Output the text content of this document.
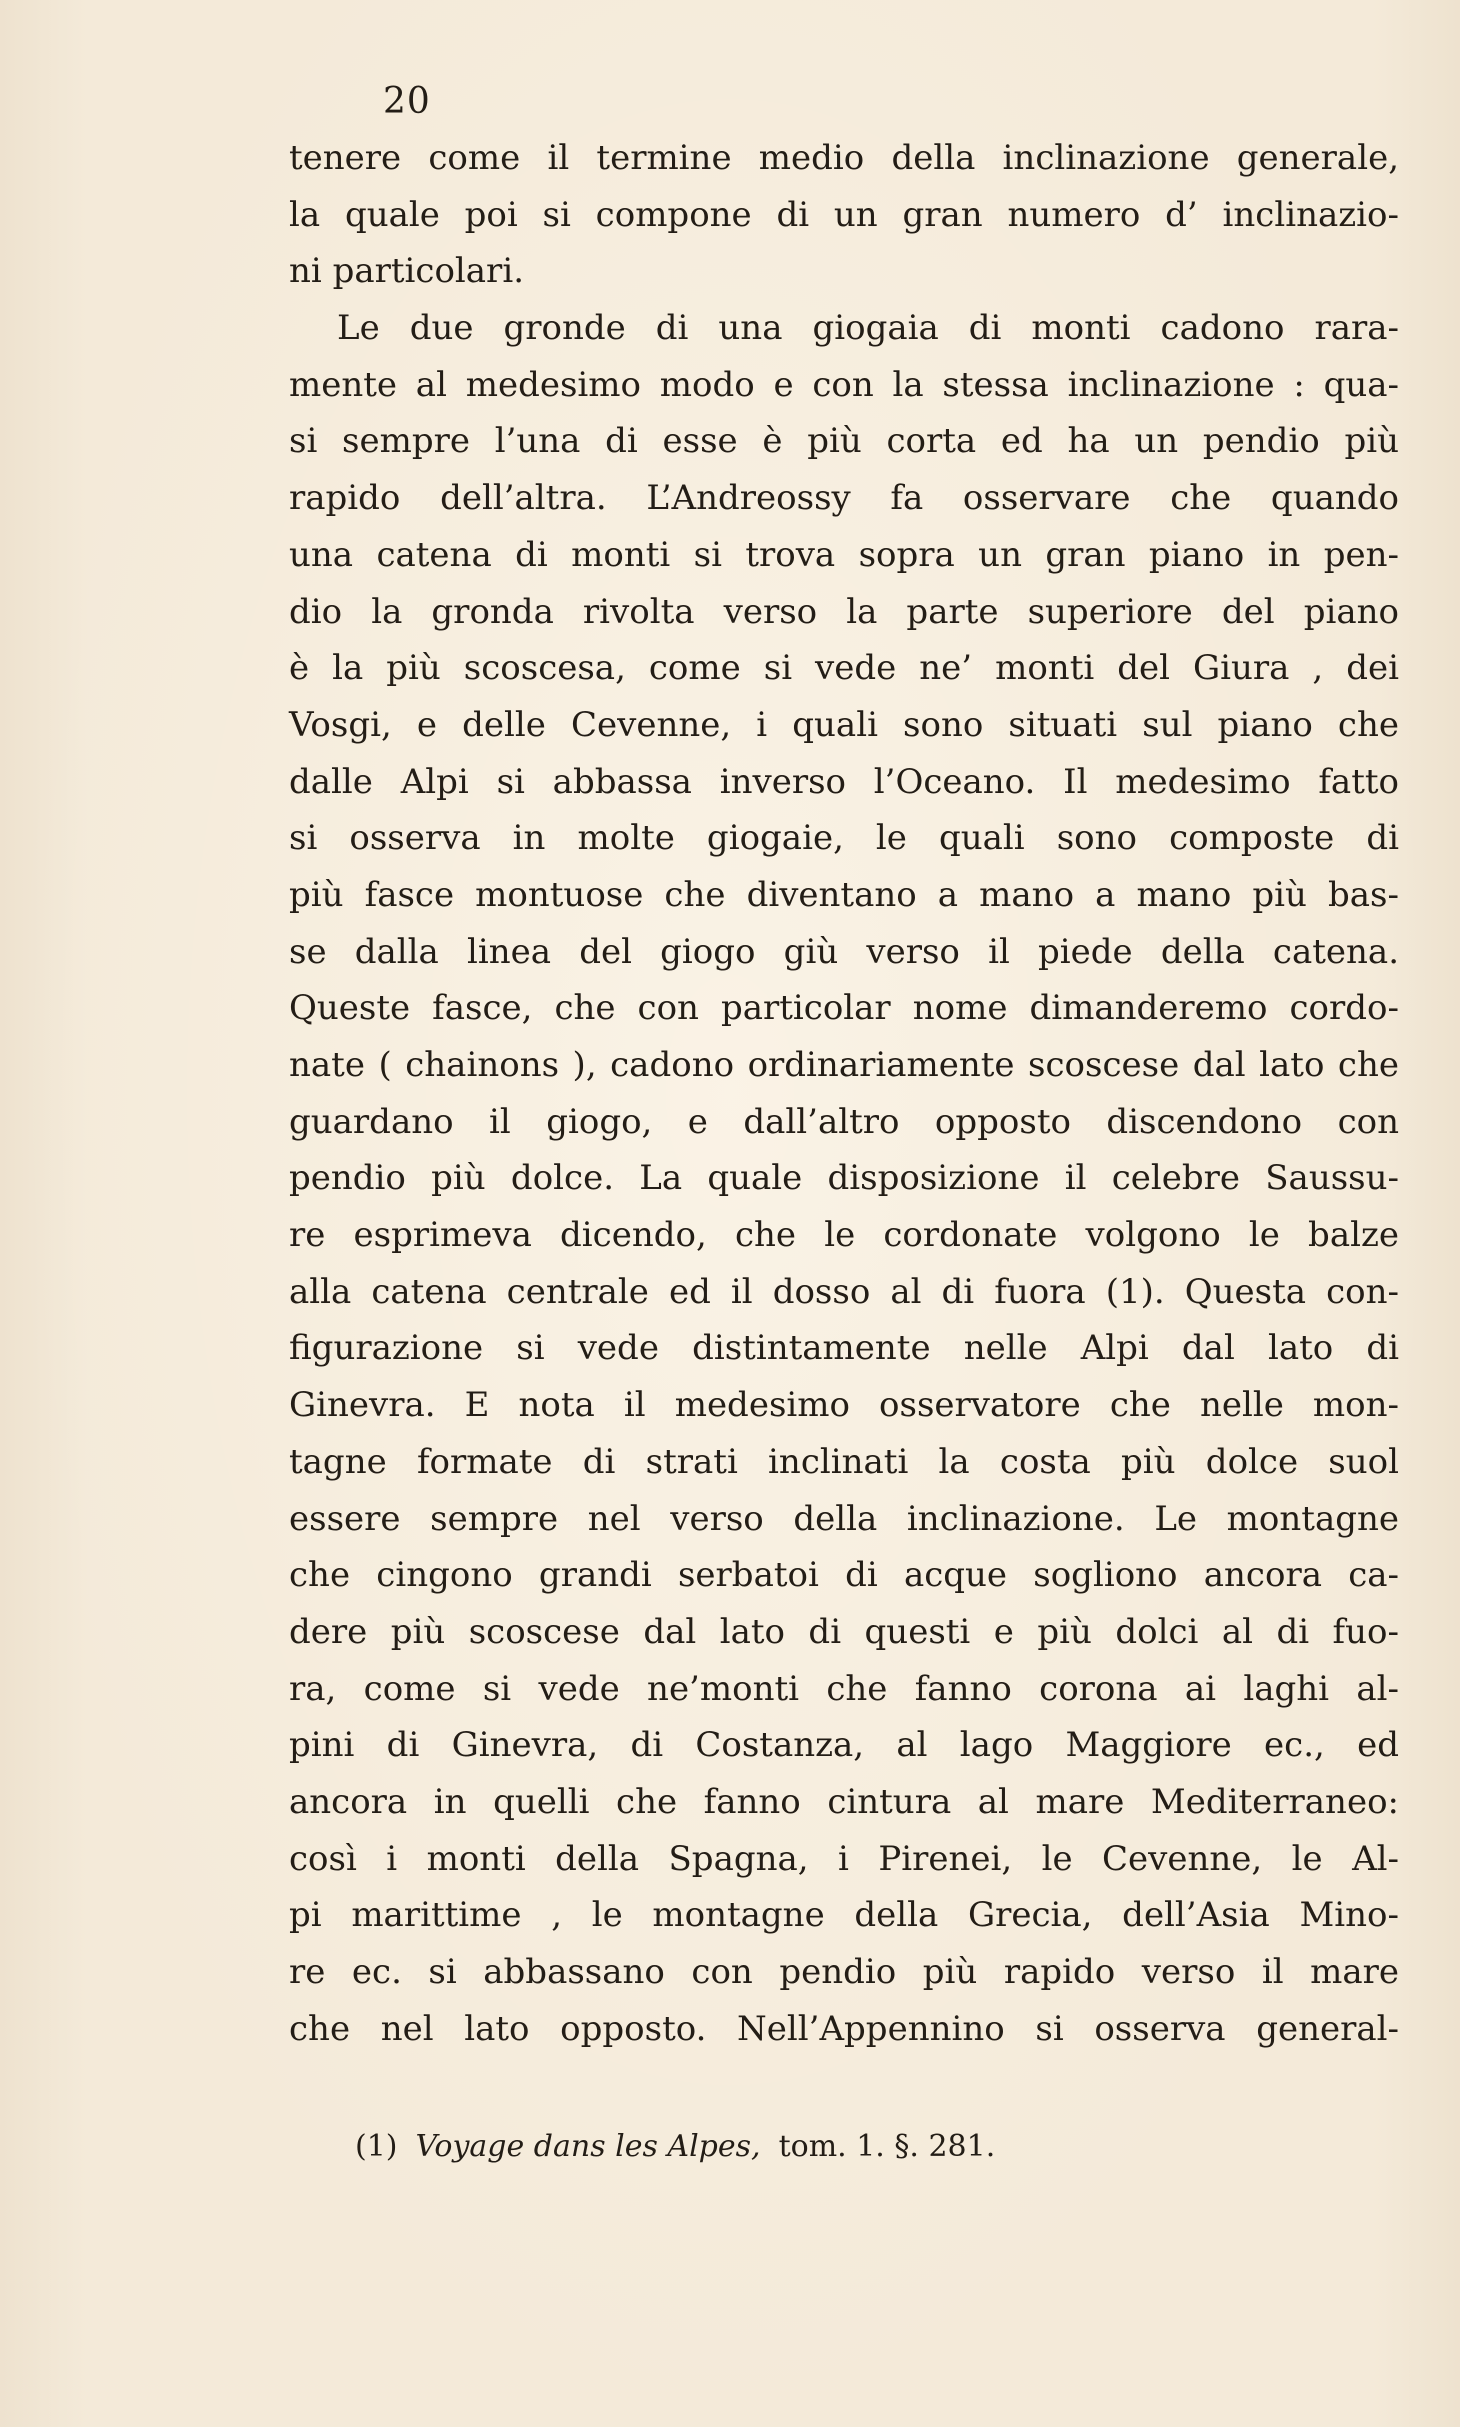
20
tenere come il termine medio della inclinazione generale,
la quale poi si compone di un gran numero d’ inclinazio-
ni particolari.
Le due gronde di una giogaia di monti cadono rara-
mente al medesimo modo e con la stessa inclinazione : qua-
si sempre l’una di esse è più corta ed ha un pendio più
rapido dell’altra. L’Andreossy fa osservare che quando
una catena di monti si trova sopra un gran piano in pen-
dio la gronda rivolta verso la parte superiore del piano
è la più scoscesa, come si vede ne’ monti del Giura , dei
Vosgi, e delle Cevenne, i quali sono situati sul piano che
dalle Alpi si abbassa inverso l’Oceano. Il medesimo fatto
si osserva in molte giogaie, le quali sono composte di
più fasce montuose che diventano a mano a mano più bas-
se dalla linea del giogo giù verso il piede della catena.
Queste fasce, che con particolar nome dimanderemo cordo-
nate ( chainons ), cadono ordinariamente scoscese dal lato che
guardano il giogo, e dall’altro opposto discendono con
pendio più dolce. La quale disposizione il celebre Saussu-
re esprimeva dicendo, che le cordonate volgono le balze
alla catena centrale ed il dosso al di fuora (1). Questa con-
figurazione si vede distintamente nelle Alpi dal lato di
Ginevra. E nota il medesimo osservatore che nelle mon-
tagne formate di strati inclinati la costa più dolce suol
essere sempre nel verso della inclinazione. Le montagne
che cingono grandi serbatoi di acque sogliono ancora ca-
dere più scoscese dal lato di questi e più dolci al di fuo-
ra, come si vede ne’monti che fanno corona ai laghi al-
pini di Ginevra, di Costanza, al lago Maggiore ec., ed
ancora in quelli che fanno cintura al mare Mediterraneo:
così i monti della Spagna, i Pirenei, le Cevenne, le Al-
pi marittime , le montagne della Grecia, dell’Asia Mino-
re ec. si abbassano con pendio più rapido verso il mare
che nel lato opposto. Nell’Appennino si osserva general-
(1) Voyage dans les Alpes, tom. 1. §. 281.
